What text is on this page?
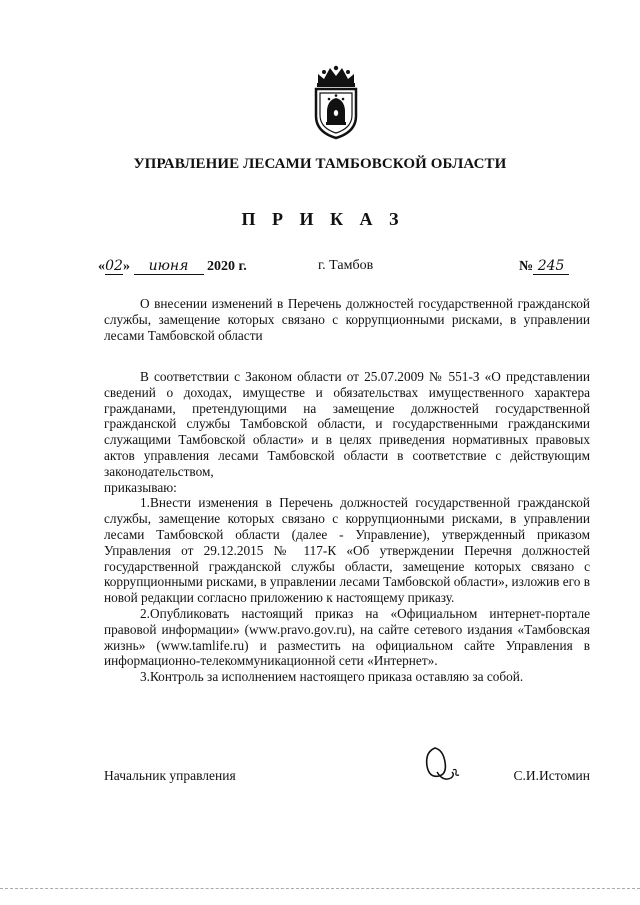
УПРАВЛЕНИЕ ЛЕСАМИ ТАМБОВСКОЙ ОБЛАСТИ
П Р И К А З
«02» июня 2020 г.	г. Тамбов	№ 245
О внесении изменений в Перечень должностей государственной гражданской службы, замещение которых связано с коррупционными рисками, в управлении лесами Тамбовской области

В соответствии с Законом области от 25.07.2009 № 551-З «О представлении сведений о доходах, имуществе и обязательствах имущественного характера гражданами, претендующими на замещение должностей государственной гражданской службы Тамбовской области, и государственными гражданскими служащими Тамбовской области» и в целях приведения нормативных правовых актов управления лесами Тамбовской области в соответствие с действующим законодательством,

приказываю:

1.Внести изменения в Перечень должностей государственной гражданской службы, замещение которых связано с коррупционными рисками, в управлении лесами Тамбовской области (далее - Управление), утвержденный приказом Управления от 29.12.2015 № 117-К «Об утверждении Перечня должностей государственной гражданской службы области, замещение которых связано с коррупционными рисками, в управлении лесами Тамбовской области», изложив его в новой редакции согласно приложению к настоящему приказу.

2.Опубликовать настоящий приказ на «Официальном интернет-портале правовой информации» (www.pravo.gov.ru), на сайте сетевого издания «Тамбовская жизнь» (www.tamlife.ru) и разместить на официальном сайте Управления в информационно-телекоммуникационной сети «Интернет».

3.Контроль за исполнением настоящего приказа оставляю за собой.

Начальник управления	С.И.Истомин
